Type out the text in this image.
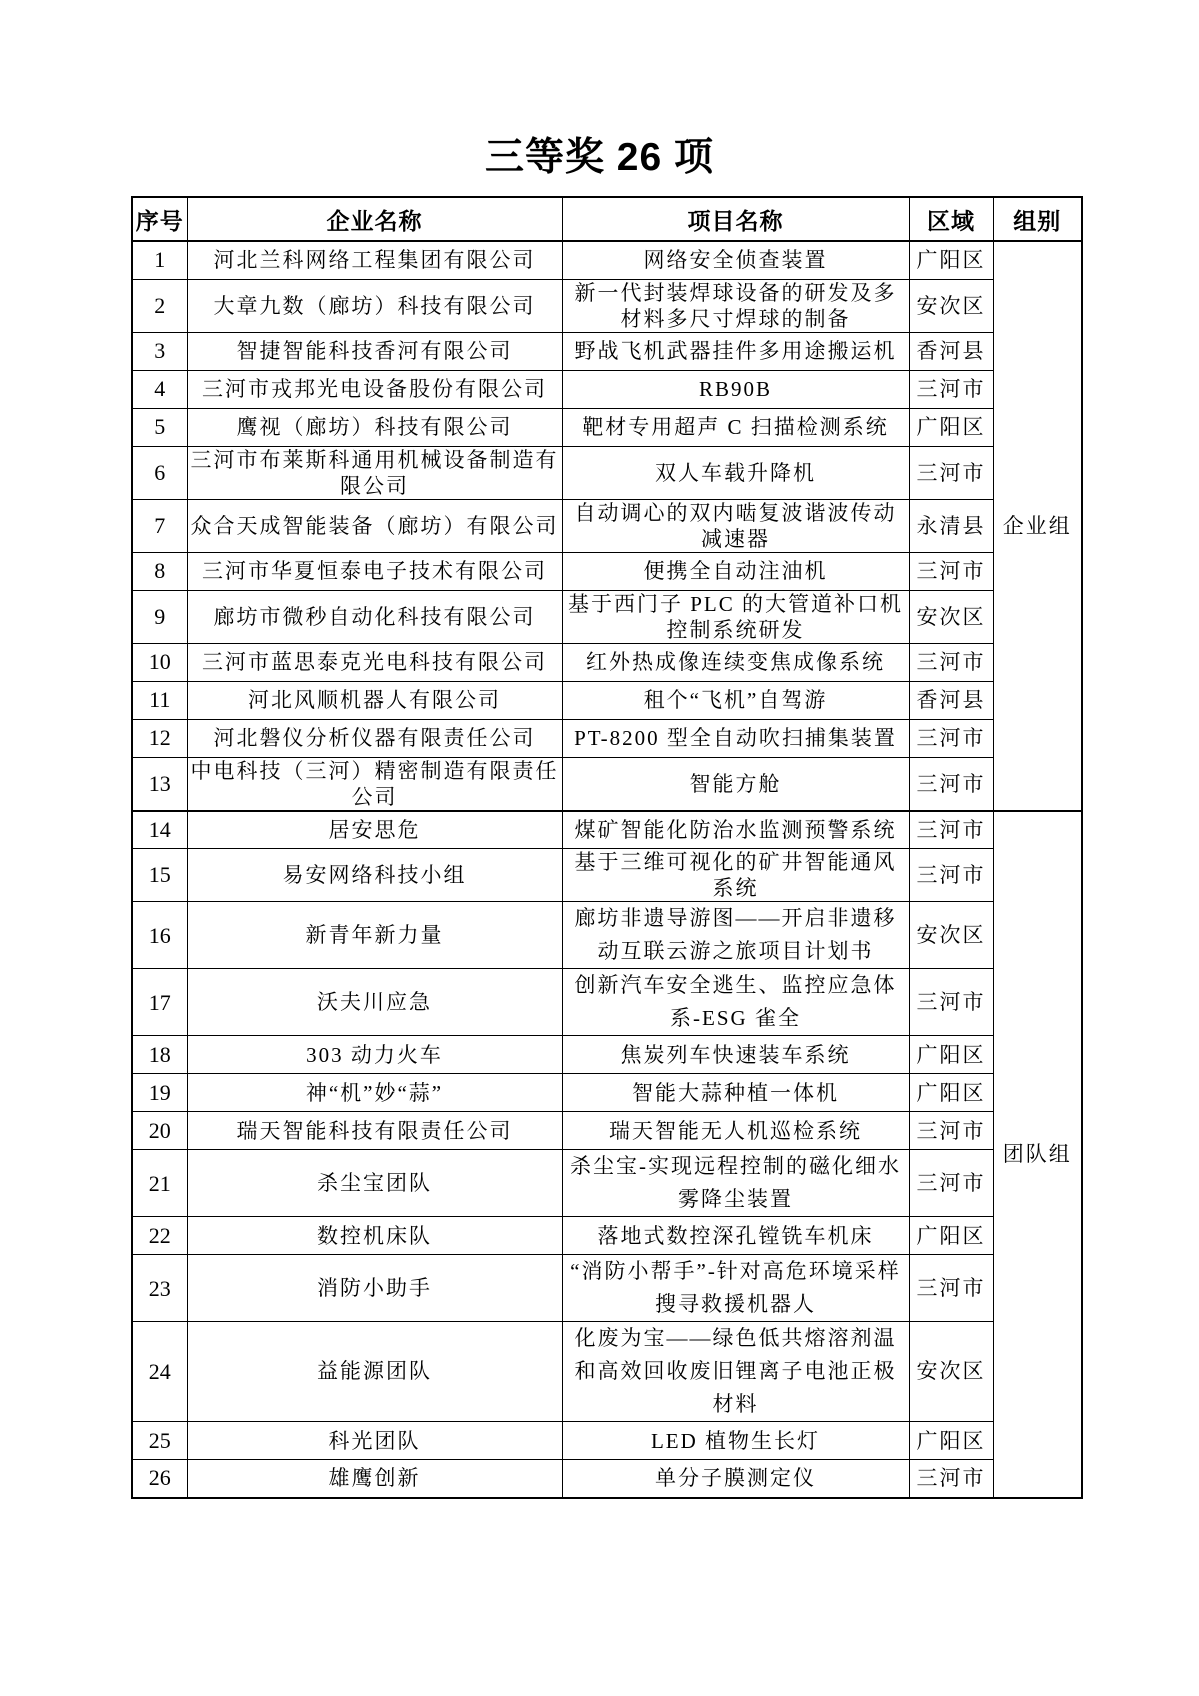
三等奖 26 项
序号	企业名称	项目名称	区域	组别
1	河北兰科网络工程集团有限公司	网络安全侦查装置	广阳区	企业组
2	大章九数（廊坊）科技有限公司	新一代封装焊球设备的研发及多材料多尺寸焊球的制备	安次区	
3	智捷智能科技香河有限公司	野战飞机武器挂件多用途搬运机	香河县	
4	三河市戎邦光电设备股份有限公司	RB90B	三河市	
5	鹰视（廊坊）科技有限公司	靶材专用超声 C 扫描检测系统	广阳区	
6	三河市布莱斯科通用机械设备制造有限公司	双人车载升降机	三河市	
7	众合天成智能装备（廊坊）有限公司	自动调心的双内啮复波谐波传动减速器	永清县	
8	三河市华夏恒泰电子技术有限公司	便携全自动注油机	三河市	
9	廊坊市微秒自动化科技有限公司	基于西门子 PLC 的大管道补口机控制系统研发	安次区	
10	三河市蓝思泰克光电科技有限公司	红外热成像连续变焦成像系统	三河市	
11	河北风顺机器人有限公司	租个“飞机”自驾游	香河县	
12	河北磐仪分析仪器有限责任公司	PT-8200 型全自动吹扫捕集装置	三河市	
13	中电科技（三河）精密制造有限责任公司	智能方舱	三河市	
14	居安思危	煤矿智能化防治水监测预警系统	三河市	团队组
15	易安网络科技小组	基于三维可视化的矿井智能通风系统	三河市	
16	新青年新力量	廊坊非遗导游图——开启非遗移动互联云游之旅项目计划书	安次区	
17	沃夫川应急	创新汽车安全逃生、监控应急体系-ESG 雀全	三河市	
18	303 动力火车	焦炭列车快速装车系统	广阳区	
19	神“机”妙“蒜”	智能大蒜种植一体机	广阳区	
20	瑞天智能科技有限责任公司	瑞天智能无人机巡检系统	三河市	
21	杀尘宝团队	杀尘宝-实现远程控制的磁化细水雾降尘装置	三河市	
22	数控机床队	落地式数控深孔镗铣车机床	广阳区	
23	消防小助手	“消防小帮手”-针对高危环境采样搜寻救援机器人	三河市	
24	益能源团队	化废为宝——绿色低共熔溶剂温和高效回收废旧锂离子电池正极材料	安次区	
25	科光团队	LED 植物生长灯	广阳区	
26	雄鹰创新	单分子膜测定仪	三河市	
